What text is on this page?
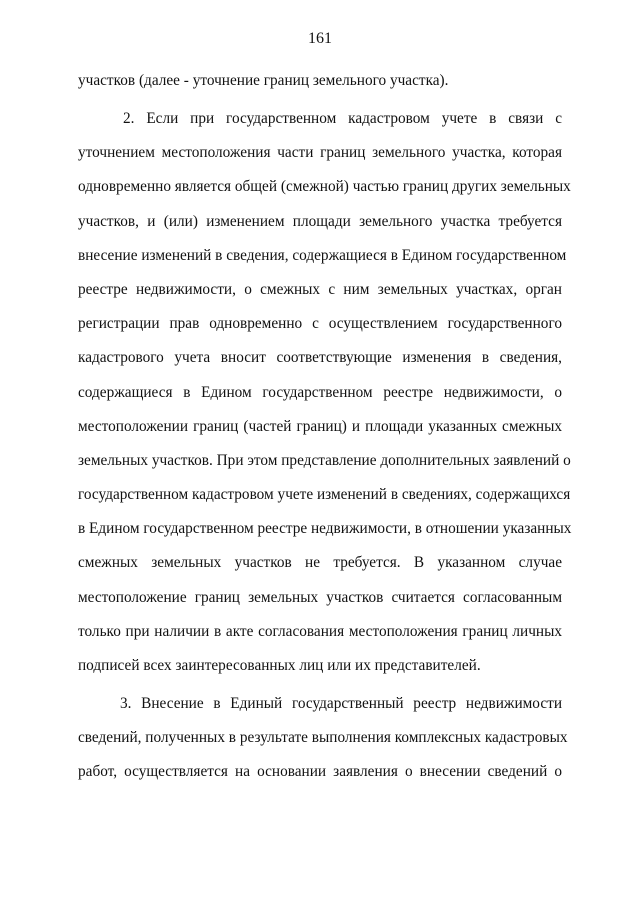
161
участков (далее - уточнение границ земельного участка).
2. Если при государственном кадастровом учете в связи с
уточнением местоположения части границ земельного участка, которая
одновременно является общей (смежной) частью границ других земельных
участков, и (или) изменением площади земельного участка требуется
внесение изменений в сведения, содержащиеся в Едином государственном
реестре недвижимости, о смежных с ним земельных участках, орган
регистрации прав одновременно с осуществлением государственного
кадастрового учета вносит соответствующие изменения в сведения,
содержащиеся в Едином государственном реестре недвижимости, о
местоположении границ (частей границ) и площади указанных смежных
земельных участков. При этом представление дополнительных заявлений о
государственном кадастровом учете изменений в сведениях, содержащихся
в Едином государственном реестре недвижимости, в отношении указанных
смежных земельных участков не требуется. В указанном случае
местоположение границ земельных участков считается согласованным
только при наличии в акте согласования местоположения границ личных
подписей всех заинтересованных лиц или их представителей.
3. Внесение в Единый государственный реестр недвижимости
сведений, полученных в результате выполнения комплексных кадастровых
работ, осуществляется на основании заявления о внесении сведений о
